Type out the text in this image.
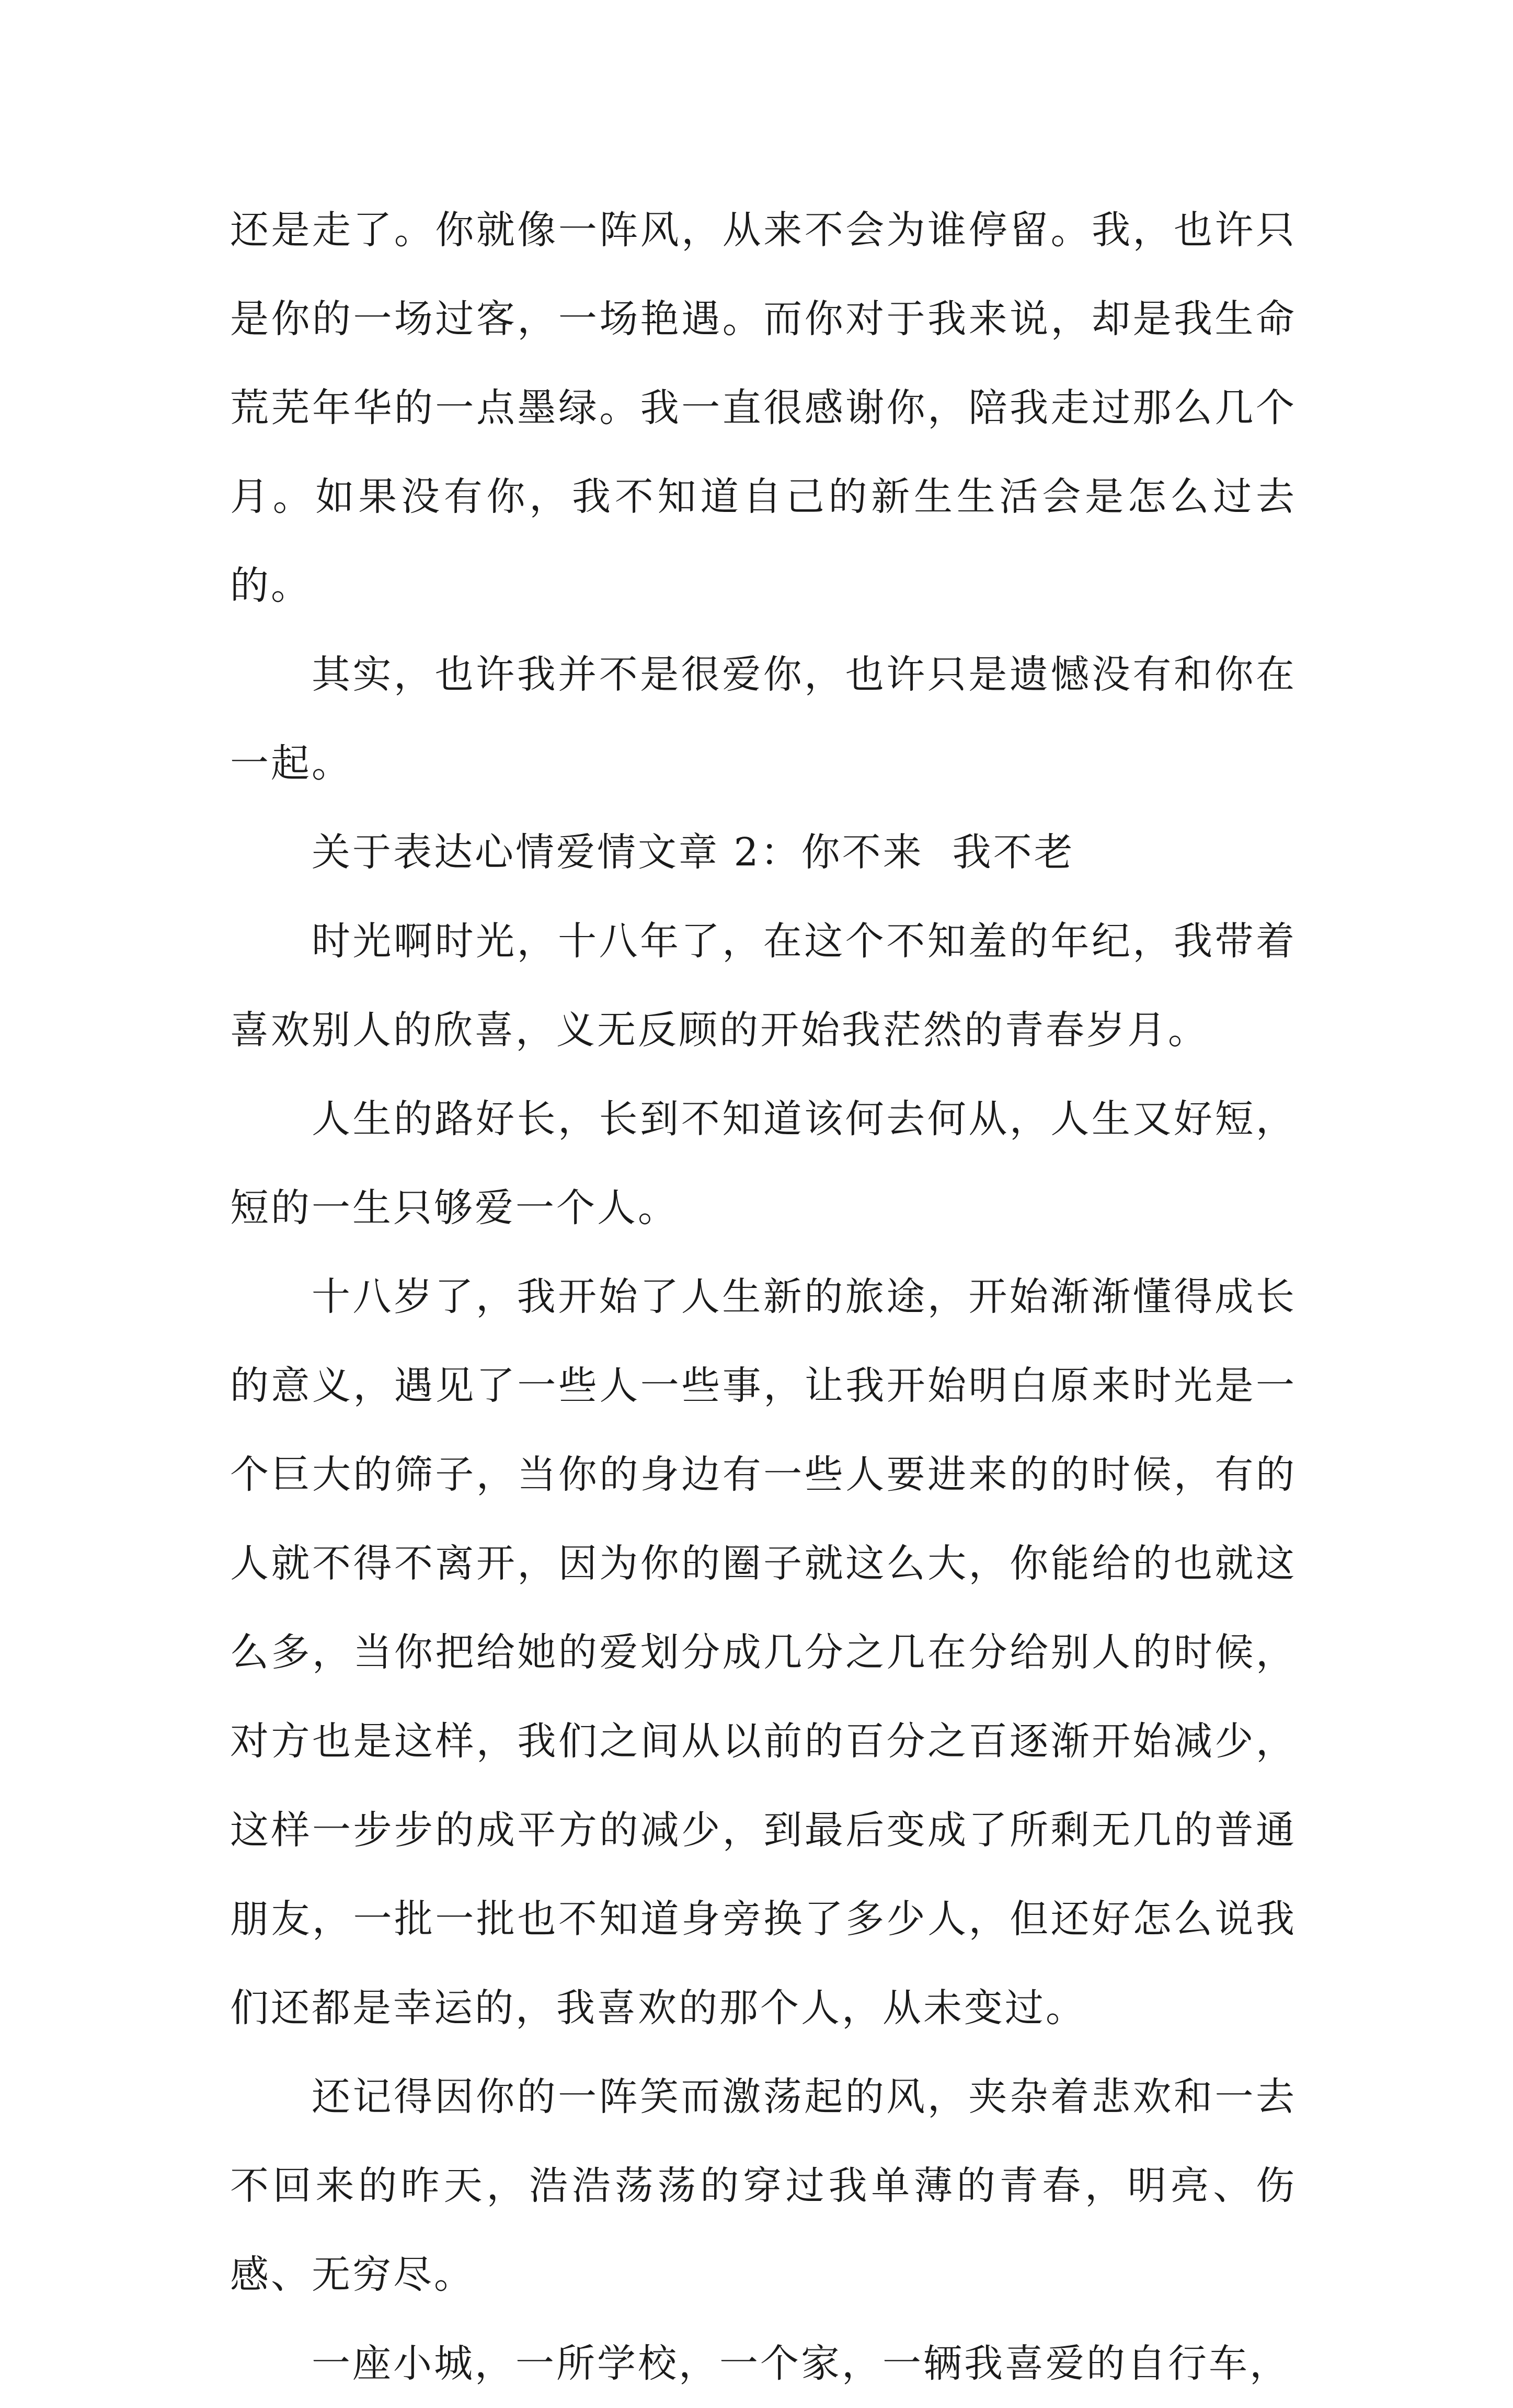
还是走了。你就像一阵风，从来不会为谁停留。我，也许只是你的一场过客，一场艳遇。而你对于我来说，却是我生命荒芜年华的一点墨绿。我一直很感谢你，陪我走过那么几个月。如果没有你，我不知道自己的新生生活会是怎么过去的。

其实，也许我并不是很爱你，也许只是遗憾没有和你在一起。

关于表达心情爱情文章 2：你不来  我不老

时光啊时光，十八年了，在这个不知羞的年纪，我带着喜欢别人的欣喜，义无反顾的开始我茫然的青春岁月。

人生的路好长，长到不知道该何去何从，人生又好短，短的一生只够爱一个人。

十八岁了，我开始了人生新的旅途，开始渐渐懂得成长的意义，遇见了一些人一些事，让我开始明白原来时光是一个巨大的筛子，当你的身边有一些人要进来的的时候，有的人就不得不离开，因为你的圈子就这么大，你能给的也就这么多，当你把给她的爱划分成几分之几在分给别人的时候，对方也是这样，我们之间从以前的百分之百逐渐开始减少，这样一步步的成平方的减少，到最后变成了所剩无几的普通朋友，一批一批也不知道身旁换了多少人，但还好怎么说我们还都是幸运的，我喜欢的那个人，从未变过。

还记得因你的一阵笑而激荡起的风，夹杂着悲欢和一去不回来的昨天，浩浩荡荡的穿过我单薄的青春，明亮、伤感、无穷尽。

一座小城，一所学校，一个家，一辆我喜爱的自行车，
